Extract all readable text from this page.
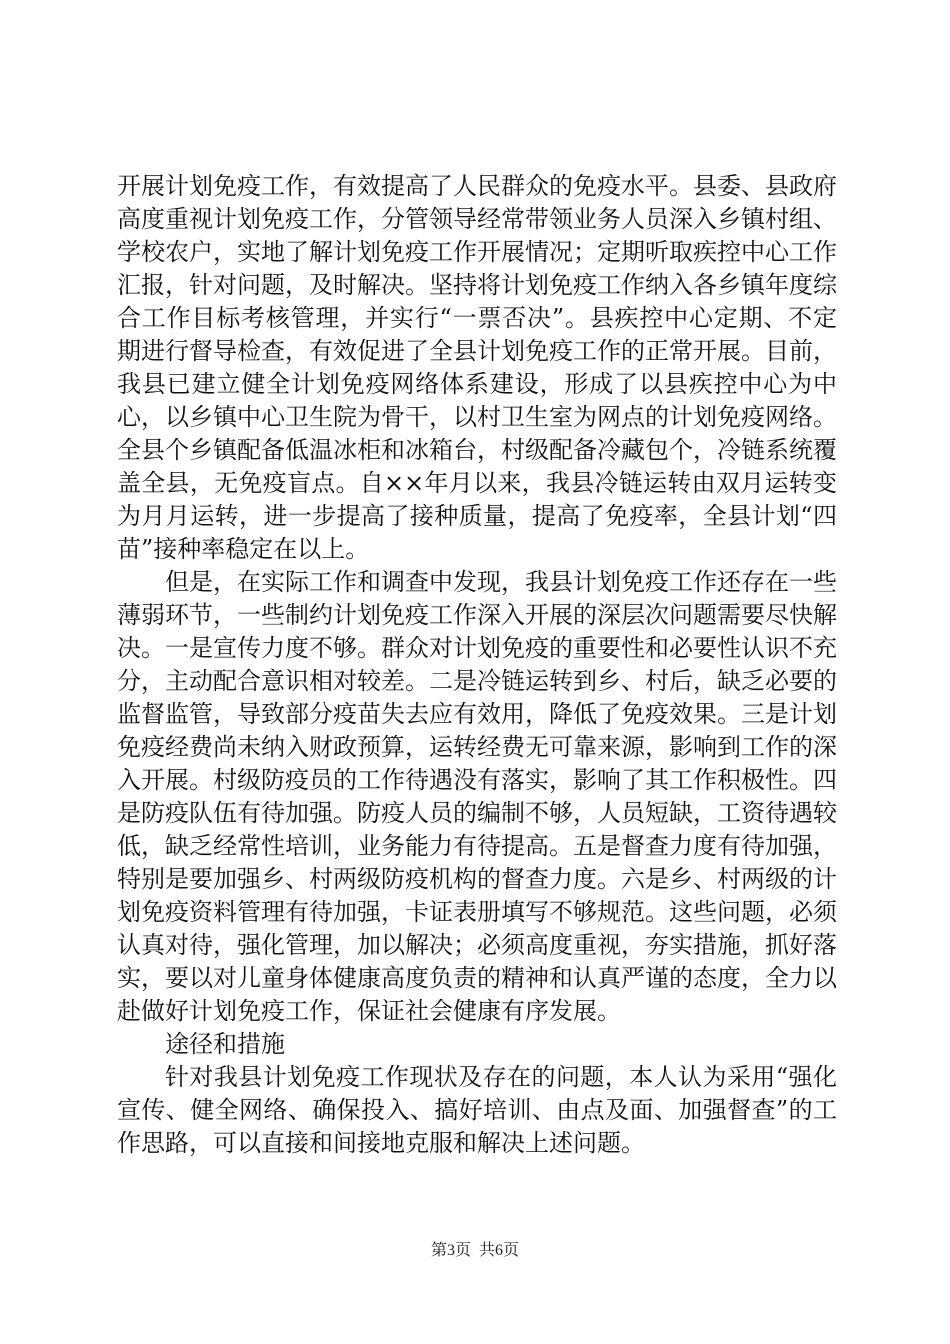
开展计划免疫工作，有效提高了人民群众的免疫水平。县委、县政府高度重视计划免疫工作，分管领导经常带领业务人员深入乡镇村组、学校农户，实地了解计划免疫工作开展情况；定期听取疾控中心工作汇报，针对问题，及时解决。坚持将计划免疫工作纳入各乡镇年度综合工作目标考核管理，并实行“一票否决”。县疾控中心定期、不定期进行督导检查，有效促进了全县计划免疫工作的正常开展。目前，我县已建立健全计划免疫网络体系建设，形成了以县疾控中心为中心，以乡镇中心卫生院为骨干，以村卫生室为网点的计划免疫网络。全县个乡镇配备低温冰柜和冰箱台，村级配备冷藏包个，冷链系统覆盖全县，无免疫盲点。自××年月以来，我县冷链运转由双月运转变为月月运转，进一步提高了接种质量，提高了免疫率，全县计划“四苗”接种率稳定在以上。

但是，在实际工作和调查中发现，我县计划免疫工作还存在一些薄弱环节，一些制约计划免疫工作深入开展的深层次问题需要尽快解决。一是宣传力度不够。群众对计划免疫的重要性和必要性认识不充分，主动配合意识相对较差。二是冷链运转到乡、村后，缺乏必要的监督监管，导致部分疫苗失去应有效用，降低了免疫效果。三是计划免疫经费尚未纳入财政预算，运转经费无可靠来源，影响到工作的深入开展。村级防疫员的工作待遇没有落实，影响了其工作积极性。四是防疫队伍有待加强。防疫人员的编制不够，人员短缺，工资待遇较低，缺乏经常性培训，业务能力有待提高。五是督查力度有待加强，特别是要加强乡、村两级防疫机构的督查力度。六是乡、村两级的计划免疫资料管理有待加强，卡证表册填写不够规范。这些问题，必须认真对待，强化管理，加以解决；必须高度重视，夯实措施，抓好落实，要以对儿童身体健康高度负责的精神和认真严谨的态度，全力以赴做好计划免疫工作，保证社会健康有序发展。

途径和措施

针对我县计划免疫工作现状及存在的问题，本人认为采用“强化宣传、健全网络、确保投入、搞好培训、由点及面、加强督查”的工作思路，可以直接和间接地克服和解决上述问题。

第3页 共6页
